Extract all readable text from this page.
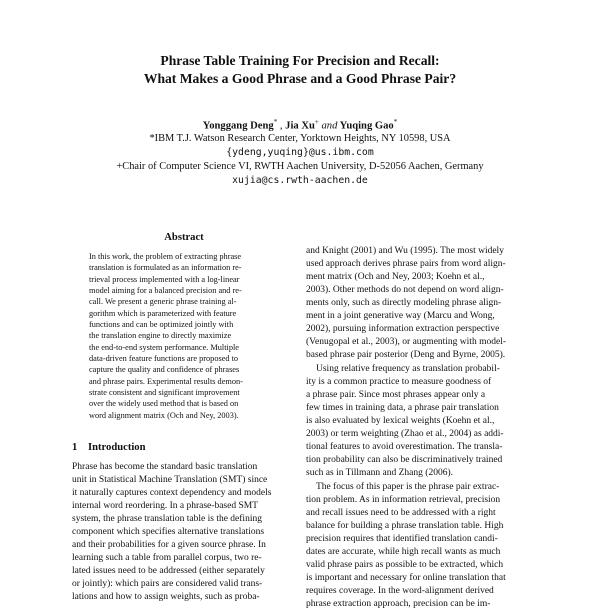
Phrase Table Training For Precision and Recall:
What Makes a Good Phrase and a Good Phrase Pair?
Yonggang Deng* , Jia Xu+ and Yuqing Gao*
*IBM T.J. Watson Research Center, Yorktown Heights, NY 10598, USA
{ydeng,yuqing}@us.ibm.com
+Chair of Computer Science VI, RWTH Aachen University, D-52056 Aachen, Germany
xujia@cs.rwth-aachen.de
Abstract
In this work, the problem of extracting phrase
translation is formulated as an information re-
trieval process implemented with a log-linear
model aiming for a balanced precision and re-
call. We present a generic phrase training al-
gorithm which is parameterized with feature
functions and can be optimized jointly with
the translation engine to directly maximize
the end-to-end system performance. Multiple
data-driven feature functions are proposed to
capture the quality and confidence of phrases
and phrase pairs. Experimental results demon-
strate consistent and significant improvement
over the widely used method that is based on
word alignment matrix (Och and Ney, 2003).
1 Introduction
Phrase has become the standard basic translation
unit in Statistical Machine Translation (SMT) since
it naturally captures context dependency and models
internal word reordering. In a phrase-based SMT
system, the phrase translation table is the defining
component which specifies alternative translations
and their probabilities for a given source phrase. In
learning such a table from parallel corpus, two re-
lated issues need to be addressed (either separately
or jointly): which pairs are considered valid trans-
lations and how to assign weights, such as proba-
and Knight (2001) and Wu (1995). The most widely
used approach derives phrase pairs from word align-
ment matrix (Och and Ney, 2003; Koehn et al.,
2003). Other methods do not depend on word align-
ments only, such as directly modeling phrase align-
ment in a joint generative way (Marcu and Wong,
2002), pursuing information extraction perspective
(Venugopal et al., 2003), or augmenting with model-
based phrase pair posterior (Deng and Byrne, 2005).
Using relative frequency as translation probabil-
ity is a common practice to measure goodness of
a phrase pair. Since most phrases appear only a
few times in training data, a phrase pair translation
is also evaluated by lexical weights (Koehn et al.,
2003) or term weighting (Zhao et al., 2004) as addi-
tional features to avoid overestimation. The transla-
tion probability can also be discriminatively trained
such as in Tillmann and Zhang (2006).
The focus of this paper is the phrase pair extrac-
tion problem. As in information retrieval, precision
and recall issues need to be addressed with a right
balance for building a phrase translation table. High
precision requires that identified translation candi-
dates are accurate, while high recall wants as much
valid phrase pairs as possible to be extracted, which
is important and necessary for online translation that
requires coverage. In the word-alignment derived
phrase extraction approach, precision can be im-
